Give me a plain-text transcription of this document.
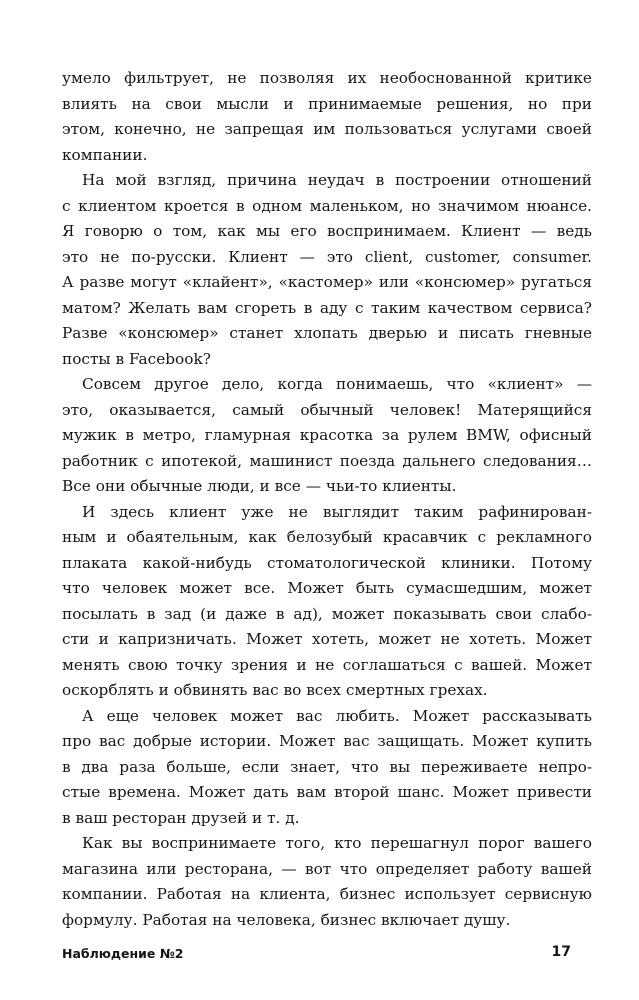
умело фильтрует, не позволяя их необоснованной критике
влиять на свои мысли и принимаемые решения, но при
этом, конечно, не запрещая им пользоваться услугами своей
компании.
На мой взгляд, причина неудач в построении отношений
с клиентом кроется в одном маленьком, но значимом нюансе.
Я говорю о том, как мы его воспринимаем. Клиент — ведь
это не по-русски. Клиент — это client, customer, consumer.
А разве могут «клайент», «кастомер» или «консюмер» ругаться
матом? Желать вам сгореть в аду с таким качеством сервиса?
Разве «консюмер» станет хлопать дверью и писать гневные
посты в Facebook?
Совсем другое дело, когда понимаешь, что «клиент» —
это, оказывается, самый обычный человек! Матерящийся
мужик в метро, гламурная красотка за рулем BMW, офисный
работник с ипотекой, машинист поезда дальнего следования…
Все они обычные люди, и все — чьи-то клиенты.
И здесь клиент уже не выглядит таким рафинирован-
ным и обаятельным, как белозубый красавчик с рекламного
плаката какой-нибудь стоматологической клиники. Потому
что человек может все. Может быть сумасшедшим, может
посылать в зад (и даже в ад), может показывать свои слабо-
сти и капризничать. Может хотеть, может не хотеть. Может
менять свою точку зрения и не соглашаться с вашей. Может
оскорблять и обвинять вас во всех смертных грехах.
А еще человек может вас любить. Может рассказывать
про вас добрые истории. Может вас защищать. Может купить
в два раза больше, если знает, что вы переживаете непро-
стые времена. Может дать вам второй шанс. Может привести
в ваш ресторан друзей и т. д.
Как вы воспринимаете того, кто перешагнул порог вашего
магазина или ресторана, — вот что определяет работу вашей
компании. Работая на клиента, бизнес использует сервисную
формулу. Работая на человека, бизнес включает душу.
Наблюдение №2	17
